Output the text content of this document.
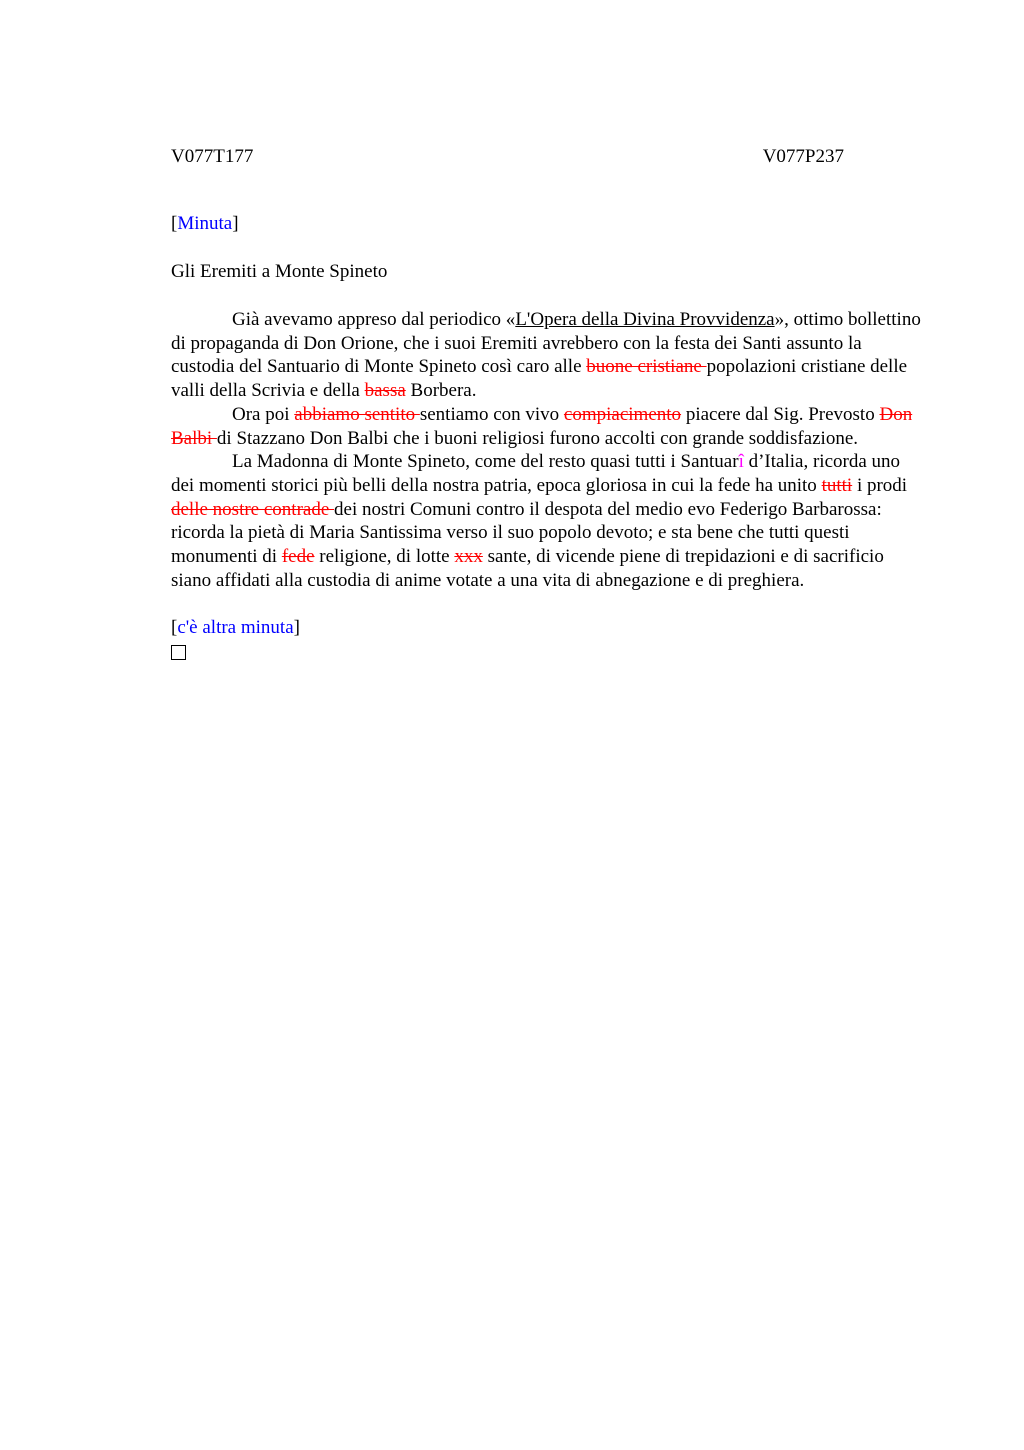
V077T177	V077P237
[Minuta]
Gli Eremiti a Monte Spineto

Già avevamo appreso dal periodico «L'Opera della Divina Provvidenza», ottimo bollettino di propaganda di Don Orione, che i suoi Eremiti avrebbero con la festa dei Santi assunto la custodia del Santuario di Monte Spineto così caro alle buone cristiane popolazioni cristiane delle valli della Scrivia e della bassa Borbera.

Ora poi abbiamo sentito sentiamo con vivo compiacimento piacere dal Sig. Prevosto Don Balbi di Stazzano Don Balbi che i buoni religiosi furono accolti con grande soddisfazione.

La Madonna di Monte Spineto, come del resto quasi tutti i Santuarî d’Italia, ricorda uno dei momenti storici più belli della nostra patria, epoca gloriosa in cui la fede ha unito tutti i prodi delle nostre contrade dei nostri Comuni contro il despota del medio evo Federigo Barbarossa: ricorda la pietà di Maria Santissima verso il suo popolo devoto; e sta bene che tutti questi monumenti di fede religione, di lotte xxx sante, di vicende piene di trepidazioni e di sacrificio siano affidati alla custodia di anime votate a una vita di abnegazione e di preghiera.

[c'è altra minuta]
